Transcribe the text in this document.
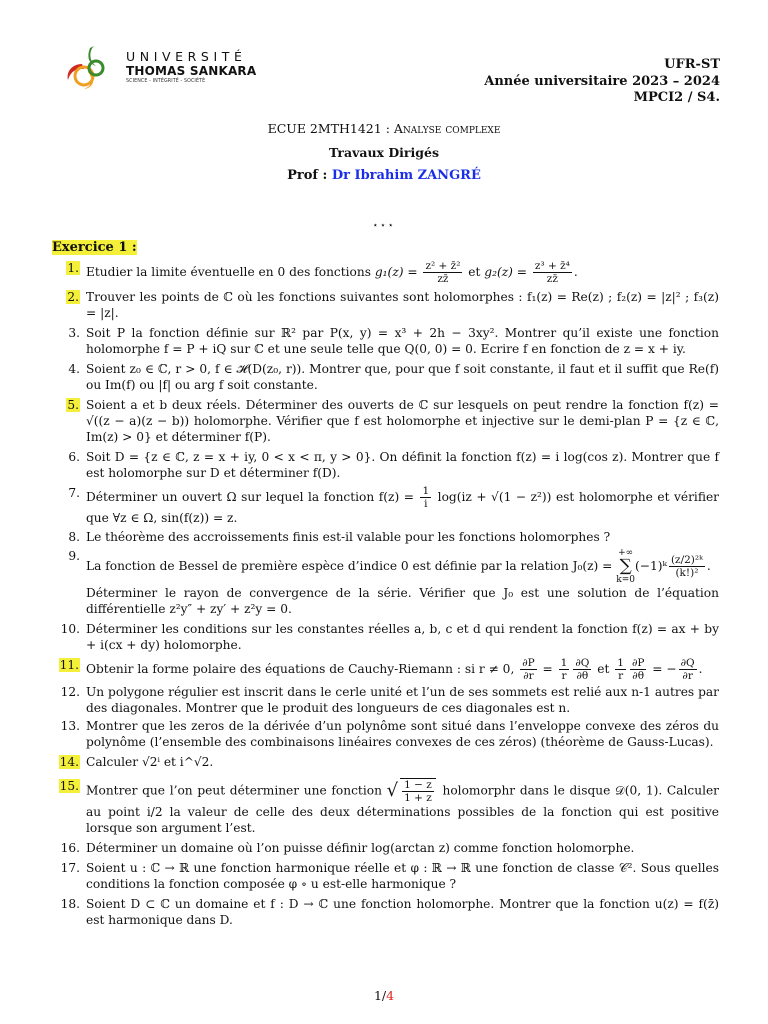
UNIVERSITÉ
THOMAS SANKARA
SCIENCE - INTÉGRITÉ - SOCIÉTÉ
UFR-ST
Année universitaire 2023 – 2024
MPCI2 / S4.
ECUE 2MTH1421 : Analyse complexe
Travaux Dirigés
Prof : Dr Ibrahim ZANGRÉ
⋆⋆⋆
Exercice 1 :
1. Etudier la limite éventuelle en 0 des fonctions $g_1(z) = \frac{\text{z² + z̄²}}{zz̄}$ et $g_2(z) = \frac{\text{z³ + z̄⁴}}{zz̄}$ .
2. Trouver les points de ℂ où les fonctions suivantes sont holomorphes : f₁(z) = Re(z) ; f₂(z) = |z|² ; f₃(z) = |z|.
3. Soit P la fonction définie sur ℝ² par P(x, y) = x³ + 2h − 3xy². Montrer qu’il existe une fonction holomorphe f = P + iQ sur ℂ et une seule telle que Q(0, 0) = 0. Ecrire f en fonction de z = x + iy.
4. Soient z₀ ∈ ℂ, r > 0, f ∈ 𝓗(D(z₀, r)). Montrer que, pour que f soit constante, il faut et il suffit que Re(f) ou Im(f) ou |f| ou arg f soit constante.
5. Soient a et b deux réels. Déterminer des ouverts de ℂ sur lesquels on peut rendre la fonction f(z) = √((z − a)(z − b)) holomorphe. Vérifier que f est holomorphe et injective sur le demi-plan P = {z ∈ ℂ, Im(z) > 0} et déterminer f(P).
6. Soit D = {z ∈ ℂ, z = x + iy, 0 < x < π, y > 0}. On définit la fonction f(z) = i log(cos z). Montrer que f est holomorphe sur D et déterminer f(D).
7. Déterminer un ouvert Ω sur lequel la fonction $f(z) = \frac{1}{i} \log(iz + √(1 - z^2))$ est holomorphe et vérifier que ∀z ∈ Ω, sin(f(z)) = z.
8. Le théorème des accroissements finis est-il valable pour les fonctions holomorphes ?
9.
La fonction de Bessel de première espèce d’indice 0 est définie par la relation J₀(z) = +∞
∑
k=0(−1)ᵏ $\frac{\text{(z/2)²ᵏ}}{\text{(k!)²}}$ .
Déterminer le rayon de convergence de la série. Vérifier que J₀ est une solution de l’équation différentielle z²y″ + zy′ + z²y = 0.
10. Déterminer les conditions sur les constantes réelles a, b, c et d qui rendent la fonction f(z) = ax + by + i(cx + dy) holomorphe.
11. Obtenir la forme polaire des équations de Cauchy-Riemann : si r ≠ 0, $\frac{\partial P}{\partial r} = \frac{1}{r} \frac{\partial Q}{\partial\theta}$ et $\frac{1}{r} \frac{\partial P}{\partial\theta}$ = − $\frac{\partial Q}{\partial r}$ .
12. Un polygone régulier est inscrit dans le cerle unité et l’un de ses sommets est relié aux n-1 autres par des diagonales. Montrer que le produit des longueurs de ces diagonales est n.
13. Montrer que les zeros de la dérivée d’un polynôme sont situé dans l’enveloppe convexe des zéros du polynôme (l’ensemble des combinaisons linéaires convexes de ces zéros) (théorème de Gauss-Lucas).
14. Calculer √2ⁱ et i^√2.
15. Montrer que l’on peut déterminer une fonction √ $\frac{1 - z}{1 + z}$ holomorphr dans le disque 𝒟(0, 1). Calculer au point i/2 la valeur de celle des deux déterminations possibles de la fonction qui est positive lorsque son argument l’est.
16. Déterminer un domaine où l’on puisse définir log(arctan z) comme fonction holomorphe.
17. Soient u : ℂ → ℝ une fonction harmonique réelle et φ : ℝ → ℝ une fonction de classe 𝒞². Sous quelles conditions la fonction composée φ ∘ u est-elle harmonique ?
18. Soient D ⊂ ℂ un domaine et f : D → ℂ une fonction holomorphe. Montrer que la fonction u(z) = f(z̄) est harmonique dans D.
1/4
